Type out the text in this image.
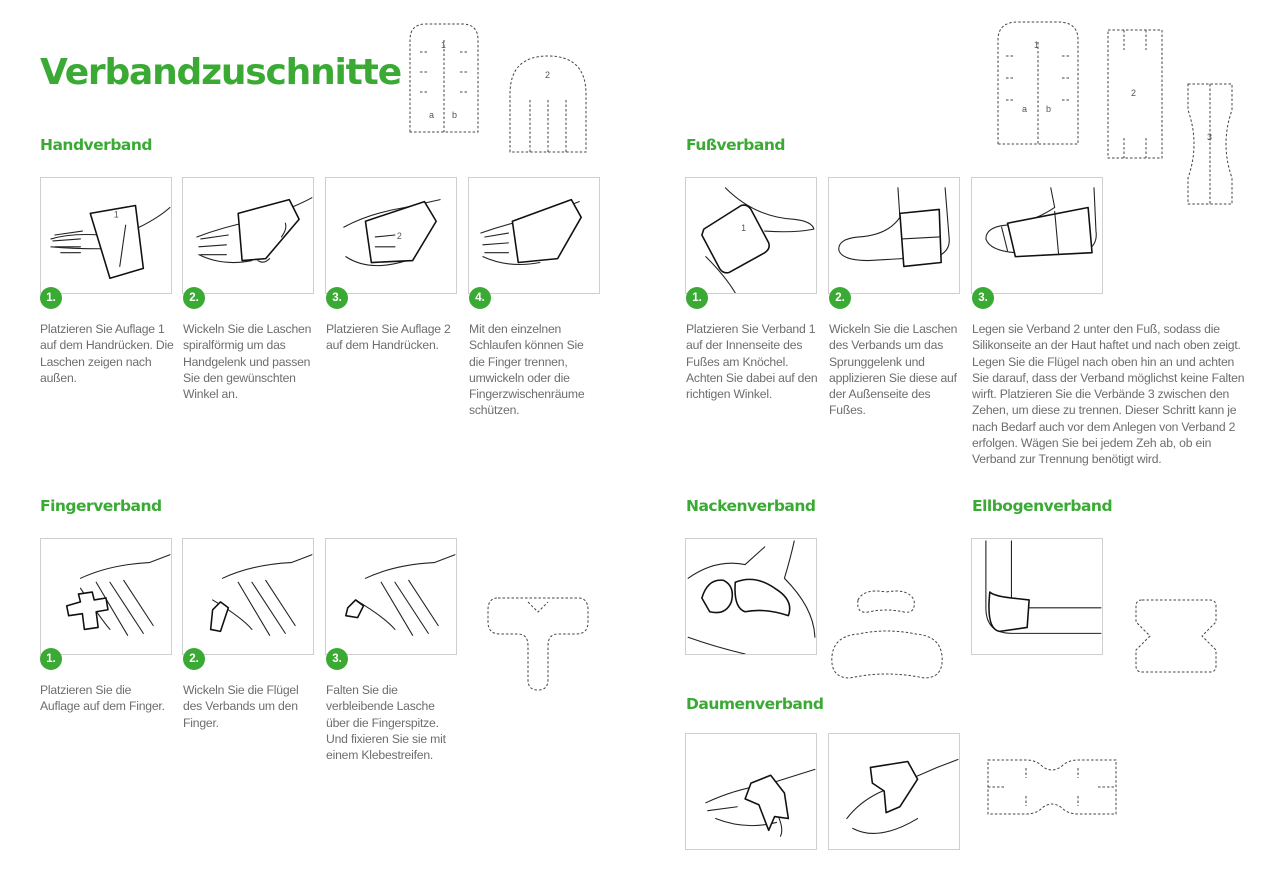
Verbandzuschnitte
1
a b
2
Handverband
1
2
1.	2.	3.	4.
Platzieren Sie Auflage 1 auf dem Handrücken. Die Laschen zeigen nach außen.
Wickeln Sie die Laschen spiralförmig um das Handgelenk und passen Sie den gewünschten Winkel an.
Platzieren Sie Auflage 2 auf dem Handrücken.
Mit den einzelnen Schlaufen können Sie die Finger trennen, umwickeln oder die Fingerzwischenräume schützen.
1
a b
2
3
Fußverband
1
1.	2.	3.
Platzieren Sie Verband 1 auf der Innenseite des Fußes am Knöchel. Achten Sie dabei auf den richtigen Winkel.
Wickeln Sie die Laschen des Verbands um das Sprunggelenk und applizieren Sie diese auf der Außenseite des Fußes.
Legen sie Verband 2 unter den Fuß, sodass die Silikonseite an der Haut haftet und nach oben zeigt. Legen Sie die Flügel nach oben hin an und achten Sie darauf, dass der Verband möglichst keine Falten wirft. Platzieren Sie die Verbände 3 zwischen den Zehen, um diese zu trennen. Dieser Schritt kann je nach Bedarf auch vor dem Anlegen von Verband 2 erfolgen. Wägen Sie bei jedem Zeh ab, ob ein Verband zur Trennung benötigt wird.
Fingerverband
1.	2.	3.
Platzieren Sie die Auflage auf dem Finger.
Wickeln Sie die Flügel des Verbands um den Finger.
Falten Sie die verbleibende Lasche über die Fingerspitze. Und fixieren Sie sie mit einem Klebestreifen.
Nackenverband	Ellbogenverband
Daumenverband
